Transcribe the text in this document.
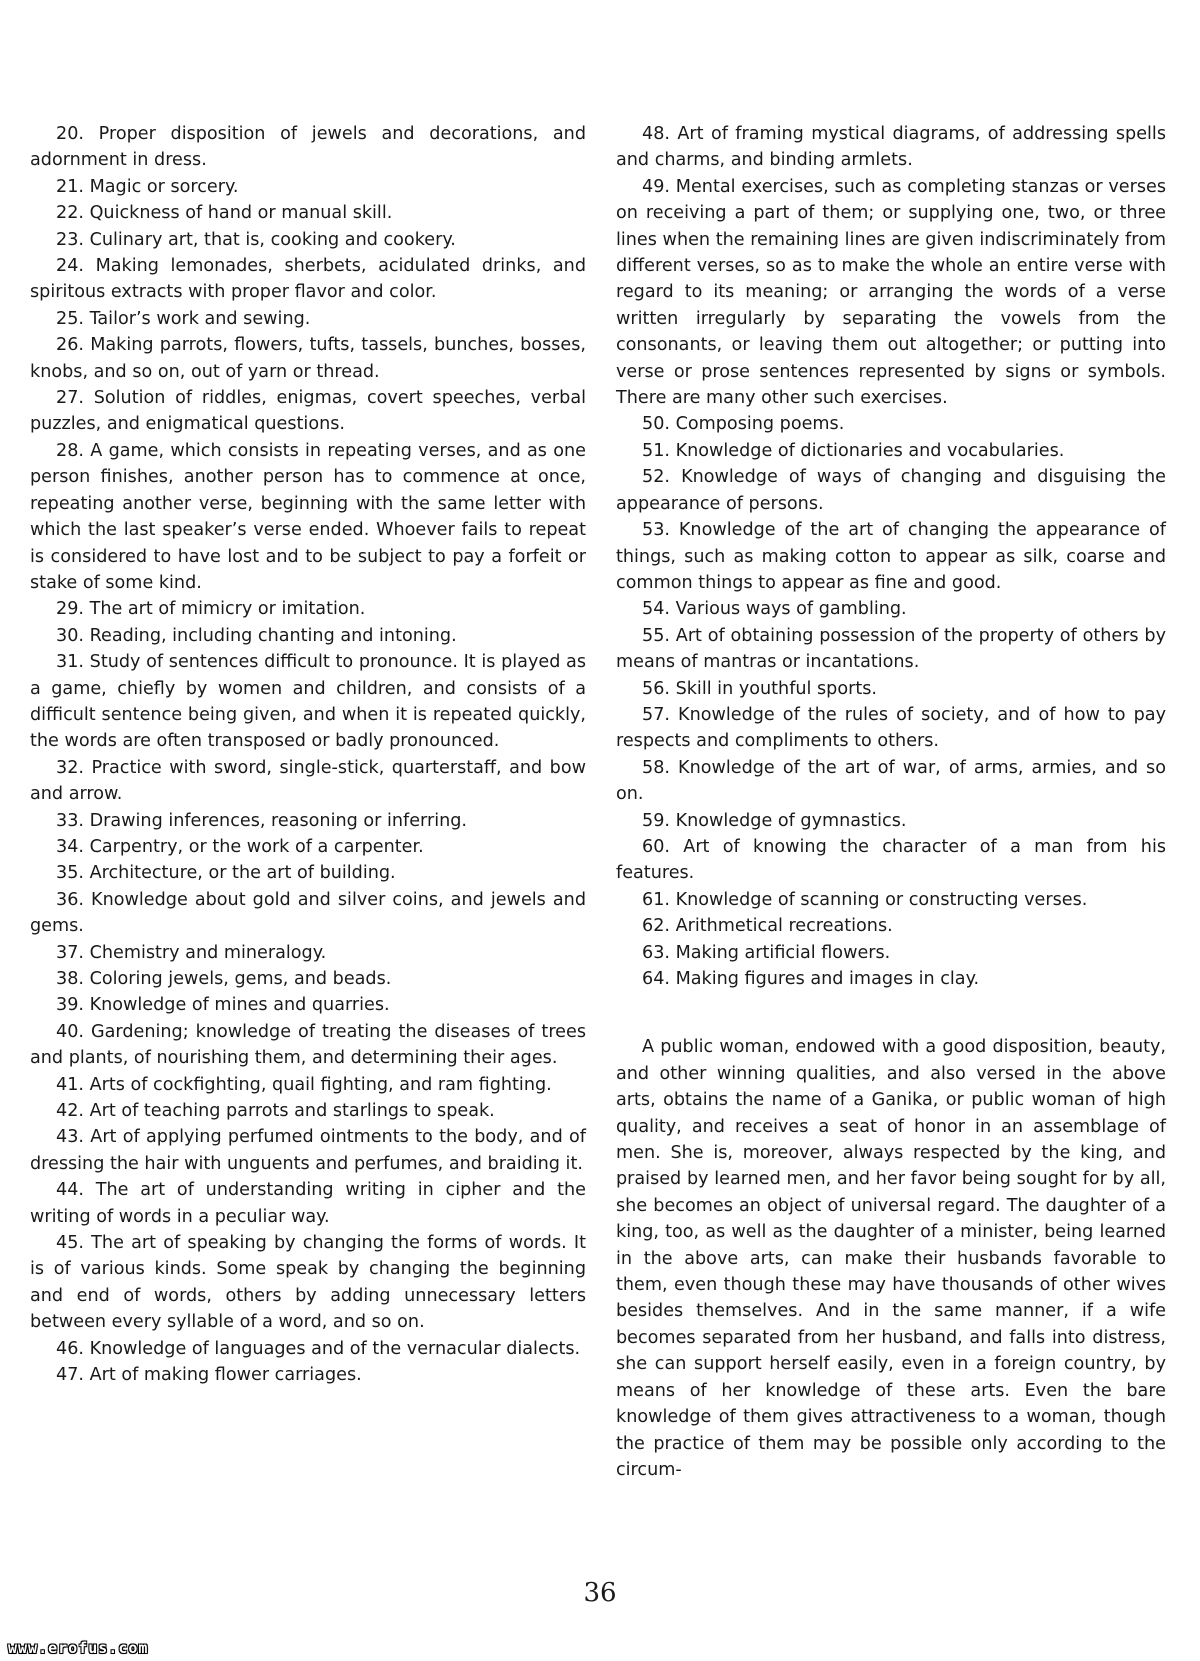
20. Proper disposition of jewels and decorations, and adornment in dress.

21. Magic or sorcery.

22. Quickness of hand or manual skill.

23. Culinary art, that is, cooking and cookery.

24. Making lemonades, sherbets, acidulated drinks, and spiritous extracts with proper flavor and color.

25. Tailor’s work and sewing.

26. Making parrots, flowers, tufts, tassels, bunches, bosses, knobs, and so on, out of yarn or thread.

27. Solution of riddles, enigmas, covert speeches, verbal puzzles, and enigmatical questions.

28. A game, which consists in repeating verses, and as one person finishes, another person has to commence at once, repeating another verse, beginning with the same letter with which the last speaker’s verse ended. Whoever fails to repeat is considered to have lost and to be subject to pay a forfeit or stake of some kind.

29. The art of mimicry or imitation.

30. Reading, including chanting and intoning.

31. Study of sentences difficult to pronounce. It is played as a game, chiefly by women and children, and consists of a difficult sentence being given, and when it is repeated quickly, the words are often transposed or badly pronounced.

32. Practice with sword, single-stick, quarterstaff, and bow and arrow.

33. Drawing inferences, reasoning or inferring.

34. Carpentry, or the work of a carpenter.

35. Architecture, or the art of building.

36. Knowledge about gold and silver coins, and jewels and gems.

37. Chemistry and mineralogy.

38. Coloring jewels, gems, and beads.

39. Knowledge of mines and quarries.

40. Gardening; knowledge of treating the diseases of trees and plants, of nourishing them, and determining their ages.

41. Arts of cockfighting, quail fighting, and ram fighting.

42. Art of teaching parrots and starlings to speak.

43. Art of applying perfumed ointments to the body, and of dressing the hair with unguents and perfumes, and braiding it.

44. The art of understanding writing in cipher and the writing of words in a peculiar way.

45. The art of speaking by changing the forms of words. It is of various kinds. Some speak by changing the beginning and end of words, others by adding unnecessary letters between every syllable of a word, and so on.

46. Knowledge of languages and of the vernacular dialects.

47. Art of making flower carriages.

48. Art of framing mystical diagrams, of addressing spells and charms, and binding armlets.

49. Mental exercises, such as completing stanzas or verses on receiving a part of them; or supplying one, two, or three lines when the remaining lines are given indiscriminately from different verses, so as to make the whole an entire verse with regard to its meaning; or arranging the words of a verse written irregularly by separating the vowels from the consonants, or leaving them out altogether; or putting into verse or prose sentences represented by signs or symbols. There are many other such exercises.

50. Composing poems.

51. Knowledge of dictionaries and vocabularies.

52. Knowledge of ways of changing and disguising the appearance of persons.

53. Knowledge of the art of changing the appearance of things, such as making cotton to appear as silk, coarse and common things to appear as fine and good.

54. Various ways of gambling.

55. Art of obtaining possession of the property of others by means of mantras or incantations.

56. Skill in youthful sports.

57. Knowledge of the rules of society, and of how to pay respects and compliments to others.

58. Knowledge of the art of war, of arms, armies, and so on.

59. Knowledge of gymnastics.

60. Art of knowing the character of a man from his features.

61. Knowledge of scanning or constructing verses.

62. Arithmetical recreations.

63. Making artificial flowers.

64. Making figures and images in clay.

A public woman, endowed with a good disposition, beauty, and other winning qualities, and also versed in the above arts, obtains the name of a Ganika, or public woman of high quality, and receives a seat of honor in an assemblage of men. She is, moreover, always respected by the king, and praised by learned men, and her favor being sought for by all, she becomes an object of universal regard. The daughter of a king, too, as well as the daughter of a minister, being learned in the above arts, can make their husbands favorable to them, even though these may have thousands of other wives besides themselves. And in the same manner, if a wife becomes separated from her husband, and falls into distress, she can support herself easily, even in a foreign country, by means of her knowledge of these arts. Even the bare knowledge of them gives attractiveness to a woman, though the practice of them may be possible only according to the circum-

36
www.erofus.com
